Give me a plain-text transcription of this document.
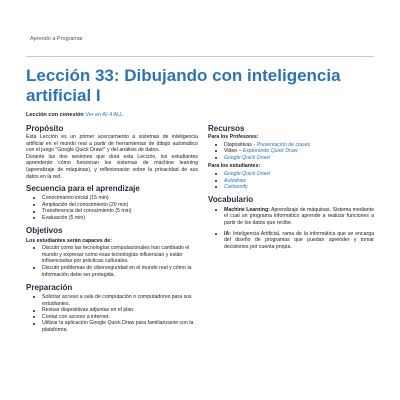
Aprendo a Programar
Lección 33: Dibujando con inteligencia artificial I
Lección con conexión Ver en AI 4 ALL
Propósito

Esta Lección es un primer acercamiento a sistemas de inteligencia artificial en el mundo real a partir de herramientas de dibujo automático con el juego "Google Quick Draw!" y del análisis de datos.

Durante las dos sesiones que dura esta Lección, los estudiantes aprenderán cómo funcionan los sistemas de machine learning (aprendizaje de máquinas), y reflexionarán sobre la privacidad de sus datos en la red.

Secuencia para el aprendizaje
Conocimiento inicial (15 min)
Ampliación del conocimiento (20 min)
Transferencia del conocimiento (5 min)
Evaluación (5 min)
Objetivos
Los estudiantes serán capaces de:
Discutir como las tecnologías computacionales han cambiado el mundo y expresar como esas tecnologías influencian y están influenciadas por prácticas culturales.
Discutir problemas de ciberseguridad en el mundo real y cómo la información debe ser protegida.
Preparación
Solicitar acceso a sala de computación o computadores para sus estudiantes.
Revisar diapositivas adjuntas en el plan.
Contar con acceso a internet.
Utilizar la aplicación Google Quick Draw para familiarizarse con la plataforma.
Recursos
Para los Profesores:
Diapositivas - Presentación de clases
Video – Explorando Quick Draw
Google Quick Draw!
Para los estudiantes:
Google Quick Draw!
Autodraw
Cartoonify
Vocabulario
Machine Learning: Aprendizaje de máquinas. Sistema mediante el cual un programa informático aprende a realizar funciones a partir de los datos que recibe.
IA: Inteligencia Artificial, rama de la informática que se encarga del diseño de programas que puedan aprender y tomar decisiones por cuenta propia.
